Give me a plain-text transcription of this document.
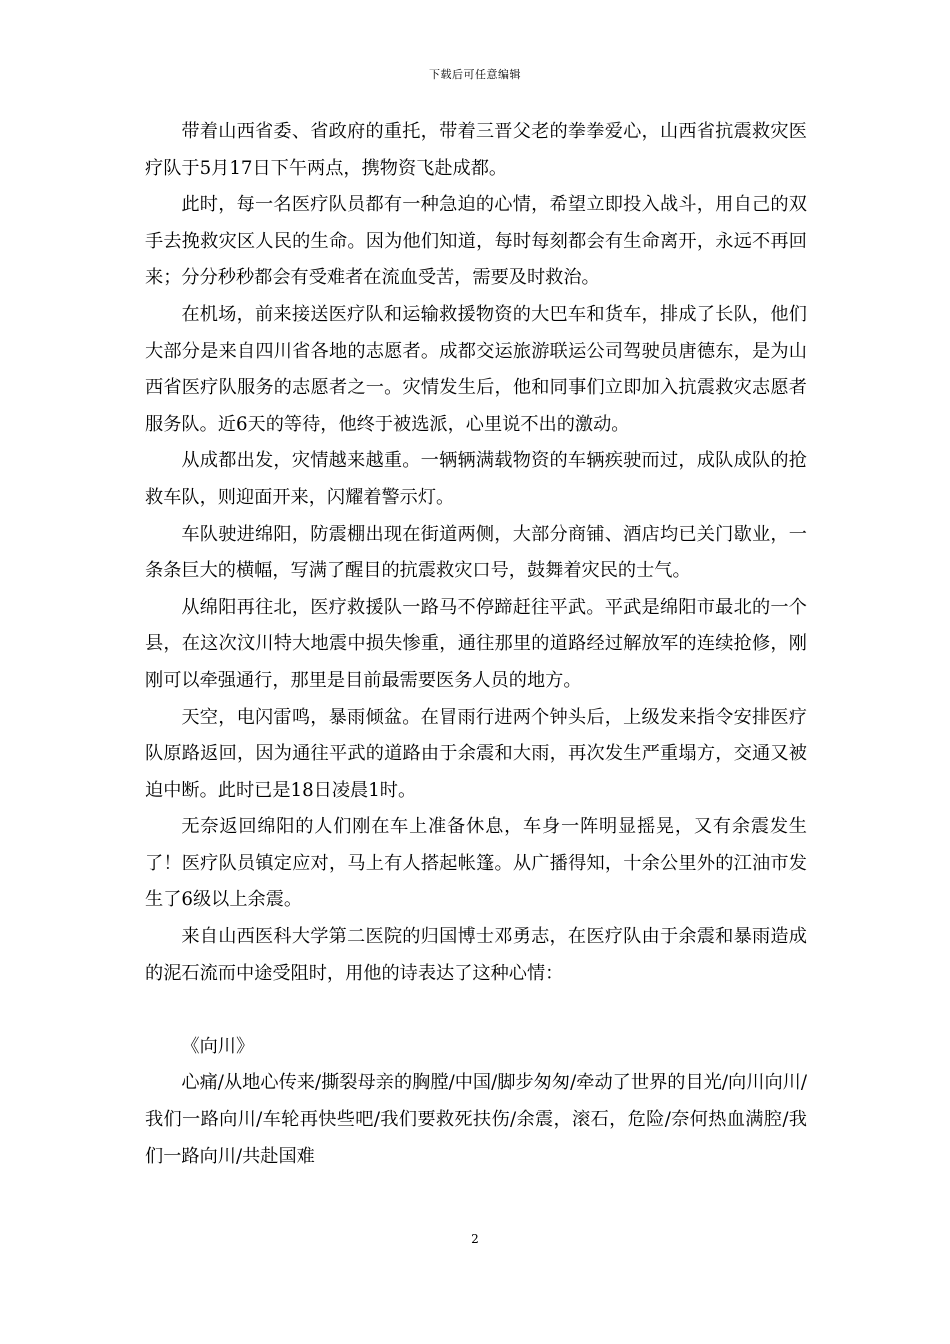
下载后可任意编辑

带着山西省委、省政府的重托，带着三晋父老的拳拳爱心，山西省抗震救灾医疗队于5月17日下午两点，携物资飞赴成都。

此时，每一名医疗队员都有一种急迫的心情，希望立即投入战斗，用自己的双手去挽救灾区人民的生命。因为他们知道，每时每刻都会有生命离开，永远不再回来；分分秒秒都会有受难者在流血受苦，需要及时救治。

在机场，前来接送医疗队和运输救援物资的大巴车和货车，排成了长队，他们大部分是来自四川省各地的志愿者。成都交运旅游联运公司驾驶员唐德东，是为山西省医疗队服务的志愿者之一。灾情发生后，他和同事们立即加入抗震救灾志愿者服务队。近6天的等待，他终于被选派，心里说不出的激动。

从成都出发，灾情越来越重。一辆辆满载物资的车辆疾驶而过，成队成队的抢救车队，则迎面开来，闪耀着警示灯。

车队驶进绵阳，防震棚出现在街道两侧，大部分商铺、酒店均已关门歇业，一条条巨大的横幅，写满了醒目的抗震救灾口号，鼓舞着灾民的士气。

从绵阳再往北，医疗救援队一路马不停蹄赶往平武。平武是绵阳市最北的一个县，在这次汶川特大地震中损失惨重，通往那里的道路经过解放军的连续抢修，刚刚可以牵强通行，那里是目前最需要医务人员的地方。

天空，电闪雷鸣，暴雨倾盆。在冒雨行进两个钟头后，上级发来指令安排医疗队原路返回，因为通往平武的道路由于余震和大雨，再次发生严重塌方，交通又被迫中断。此时已是18日凌晨1时。

无奈返回绵阳的人们刚在车上准备休息，车身一阵明显摇晃，又有余震发生了！医疗队员镇定应对，马上有人搭起帐篷。从广播得知，十余公里外的江油市发生了6级以上余震。

来自山西医科大学第二医院的归国博士邓勇志，在医疗队由于余震和暴雨造成的泥石流而中途受阻时，用他的诗表达了这种心情：

《向川》

心痛/从地心传来/撕裂母亲的胸膛/中国/脚步匆匆/牵动了世界的目光/向川向川/我们一路向川/车轮再快些吧/我们要救死扶伤/余震，滚石，危险/奈何热血满腔/我们一路向川/共赴国难

2
